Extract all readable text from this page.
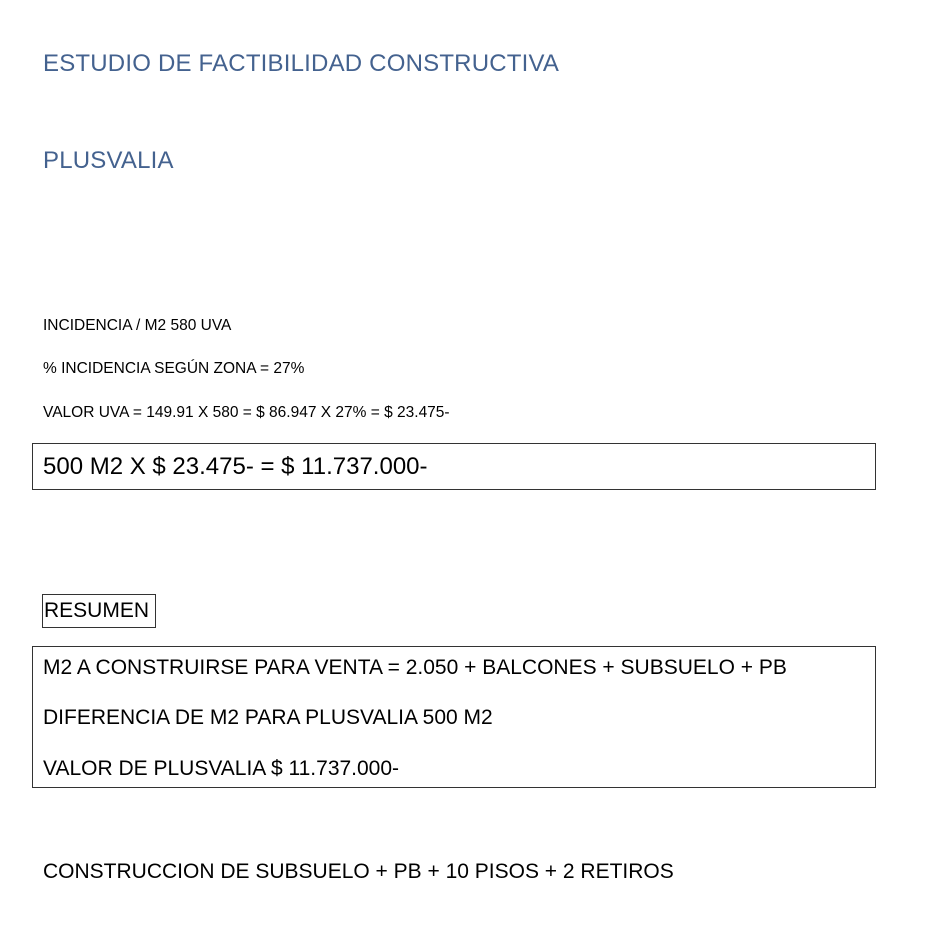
ESTUDIO DE FACTIBILIDAD CONSTRUCTIVA
PLUSVALIA
INCIDENCIA / M2 580 UVA
% INCIDENCIA SEGÚN ZONA = 27%
VALOR UVA = 149.91 X 580 = $ 86.947 X 27% = $ 23.475-
500 M2 X $ 23.475- = $ 11.737.000-
RESUMEN
M2 A CONSTRUIRSE PARA VENTA = 2.050 + BALCONES + SUBSUELO + PB
DIFERENCIA DE M2 PARA PLUSVALIA 500 M2
VALOR DE PLUSVALIA $ 11.737.000-
CONSTRUCCION DE SUBSUELO + PB + 10 PISOS + 2 RETIROS
